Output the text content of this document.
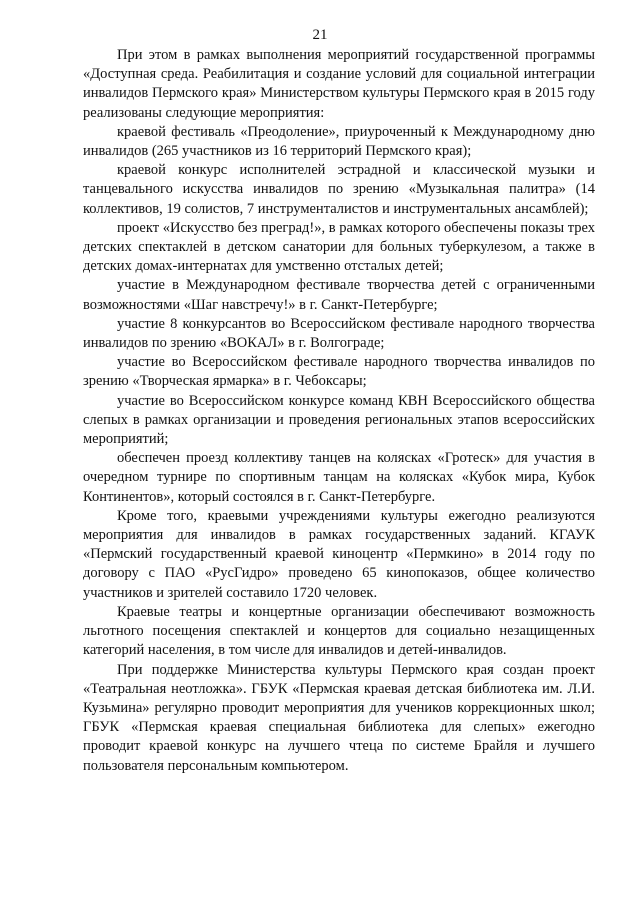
21

При этом в рамках выполнения мероприятий государственной программы «Доступная среда. Реабилитация и создание условий для социальной интеграции инвалидов Пермского края» Министерством культуры Пермского края в 2015 году реализованы следующие мероприятия:

краевой фестиваль «Преодоление», приуроченный к Международному дню инвалидов (265 участников из 16 территорий Пермского края);

краевой конкурс исполнителей эстрадной и классической музыки и танцевального искусства инвалидов по зрению «Музыкальная палитра» (14 коллективов, 19 солистов, 7 инструменталистов и инструментальных ансамблей);

проект «Искусство без преград!», в рамках которого обеспечены показы трех детских спектаклей в детском санатории для больных туберкулезом, а также в детских домах-интернатах для умственно отсталых детей;

участие в Международном фестивале творчества детей с ограниченными возможностями «Шаг навстречу!» в г. Санкт-Петербурге;

участие 8 конкурсантов во Всероссийском фестивале народного творчества инвалидов по зрению «ВОКАЛ» в г. Волгограде;

участие во Всероссийском фестивале народного творчества инвалидов по зрению «Творческая ярмарка» в г. Чебоксары;

участие во Всероссийском конкурсе команд КВН Всероссийского общества слепых в рамках организации и проведения региональных этапов всероссийских мероприятий;

обеспечен проезд коллективу танцев на колясках «Гротеск» для участия в очередном турнире по спортивным танцам на колясках «Кубок мира, Кубок Континентов», который состоялся в г. Санкт-Петербурге.

Кроме того, краевыми учреждениями культуры ежегодно реализуются мероприятия для инвалидов в рамках государственных заданий. КГАУК «Пермский государственный краевой киноцентр «Пермкино» в 2014 году по договору с ПАО «РусГидро» проведено 65 кинопоказов, общее количество участников и зрителей составило 1720 человек.

Краевые театры и концертные организации обеспечивают возможность льготного посещения спектаклей и концертов для социально незащищенных категорий населения, в том числе для инвалидов и детей-инвалидов.

При поддержке Министерства культуры Пермского края создан проект «Театральная неотложка». ГБУК «Пермская краевая детская библиотека им. Л.И. Кузьмина» регулярно проводит мероприятия для учеников коррекционных школ; ГБУК «Пермская краевая специальная библиотека для слепых» ежегодно проводит краевой конкурс на лучшего чтеца по системе Брайля и лучшего пользователя персональным компьютером.
